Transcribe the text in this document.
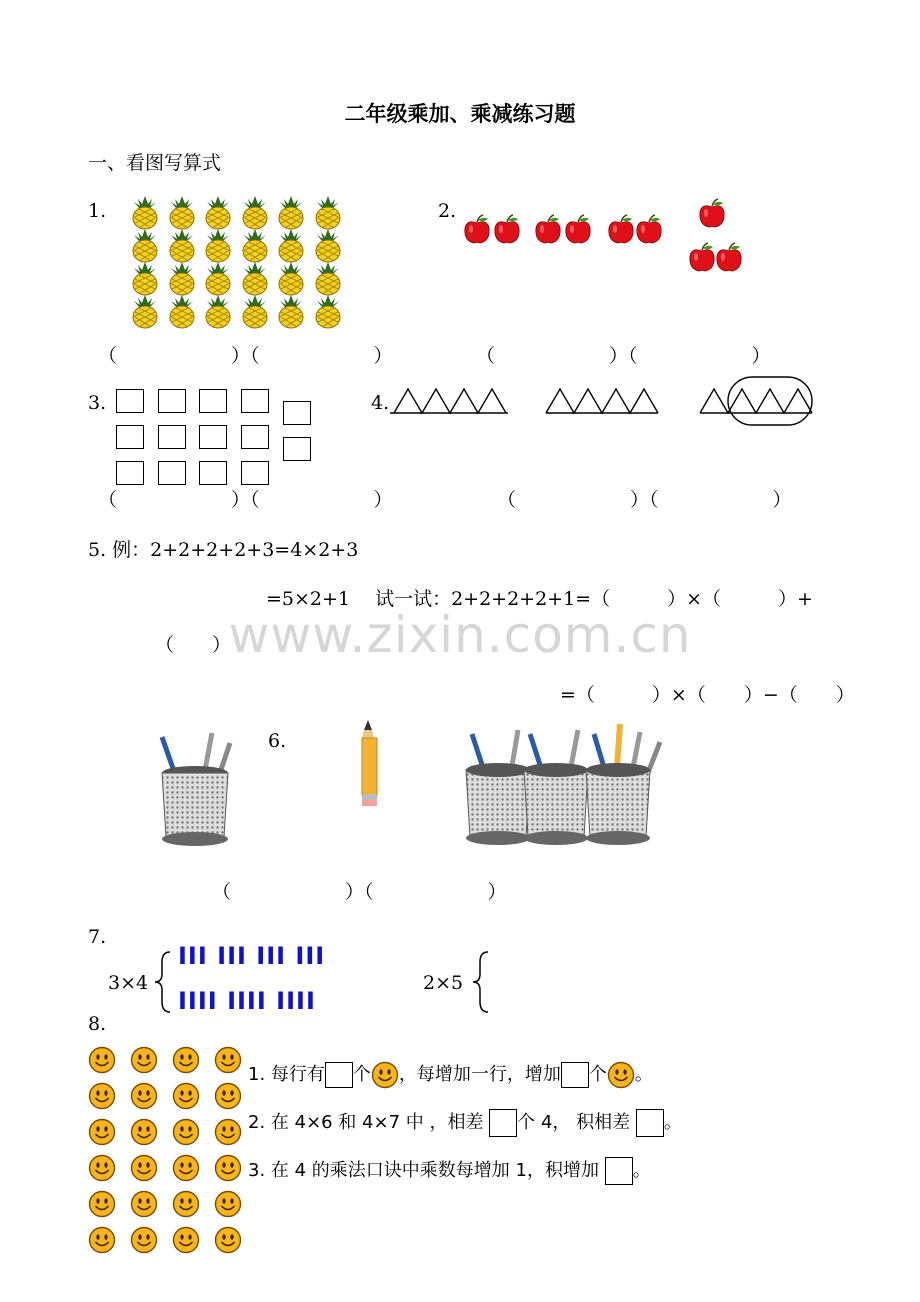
二年级乘加、乘减练习题
一、看图写算式
1.	2.
（　　　　　　）（　　　　　　）	（　　　　　　）（　　　　　　）
3.	4.
（　　　　　　）（　　　　　　）	（　　　　　　）（　　　　　　）
5. 例：2+2+2+2+3=4×2+3
=5×2+1　 试一试：2+2+2+2+1=（　　　）×（　　　）+
（　　）
www.zixin.com.cn
=（　　　）×（　　）−（　　）
6.
（　　　　　　）（　　　　　　）
7.
3×4
III III III III
IIII IIII IIII
2×5
8.
1. 每行有 个 ，每增加一行，增加 个 。
2. 在 4×6 和 4×7 中 ，相差 个 4， 积相差 。
3. 在 4 的乘法口诀中乘数每增加 1，积增加 。
